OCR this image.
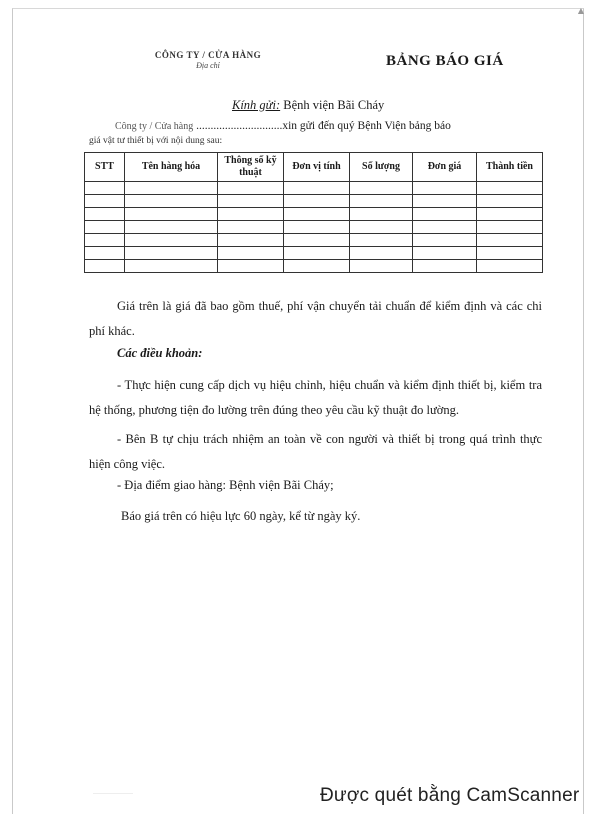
▲
CÔNG TY / CỬA HÀNG
Địa chỉ	BẢNG BÁO GIÁ
Kính gửi: Bệnh viện Bãi Cháy
Công ty / Cửa hàng ..............................xin gửi đến quý Bệnh Viện bảng báo
giá vật tư thiết bị với nội dung sau:
STT	Tên hàng hóa	Thông số kỹ thuật	Đơn vị tính	Số lượng	Đơn giá	Thành tiền

Giá trên là giá đã bao gồm thuế, phí vận chuyển tải chuẩn để kiểm định và các chi phí khác.
Các điều khoản:
- Thực hiện cung cấp dịch vụ hiệu chỉnh, hiệu chuẩn và kiểm định thiết bị, kiểm tra hệ thống, phương tiện đo lường trên đúng theo yêu cầu kỹ thuật đo lường.
- Bên B tự chịu trách nhiệm an toàn về con người và thiết bị trong quá trình thực hiện công việc.
- Địa điểm giao hàng: Bệnh viện Bãi Cháy;
Báo giá trên có hiệu lực 60 ngày, kể từ ngày ký.
Được quét bằng CamScanner
